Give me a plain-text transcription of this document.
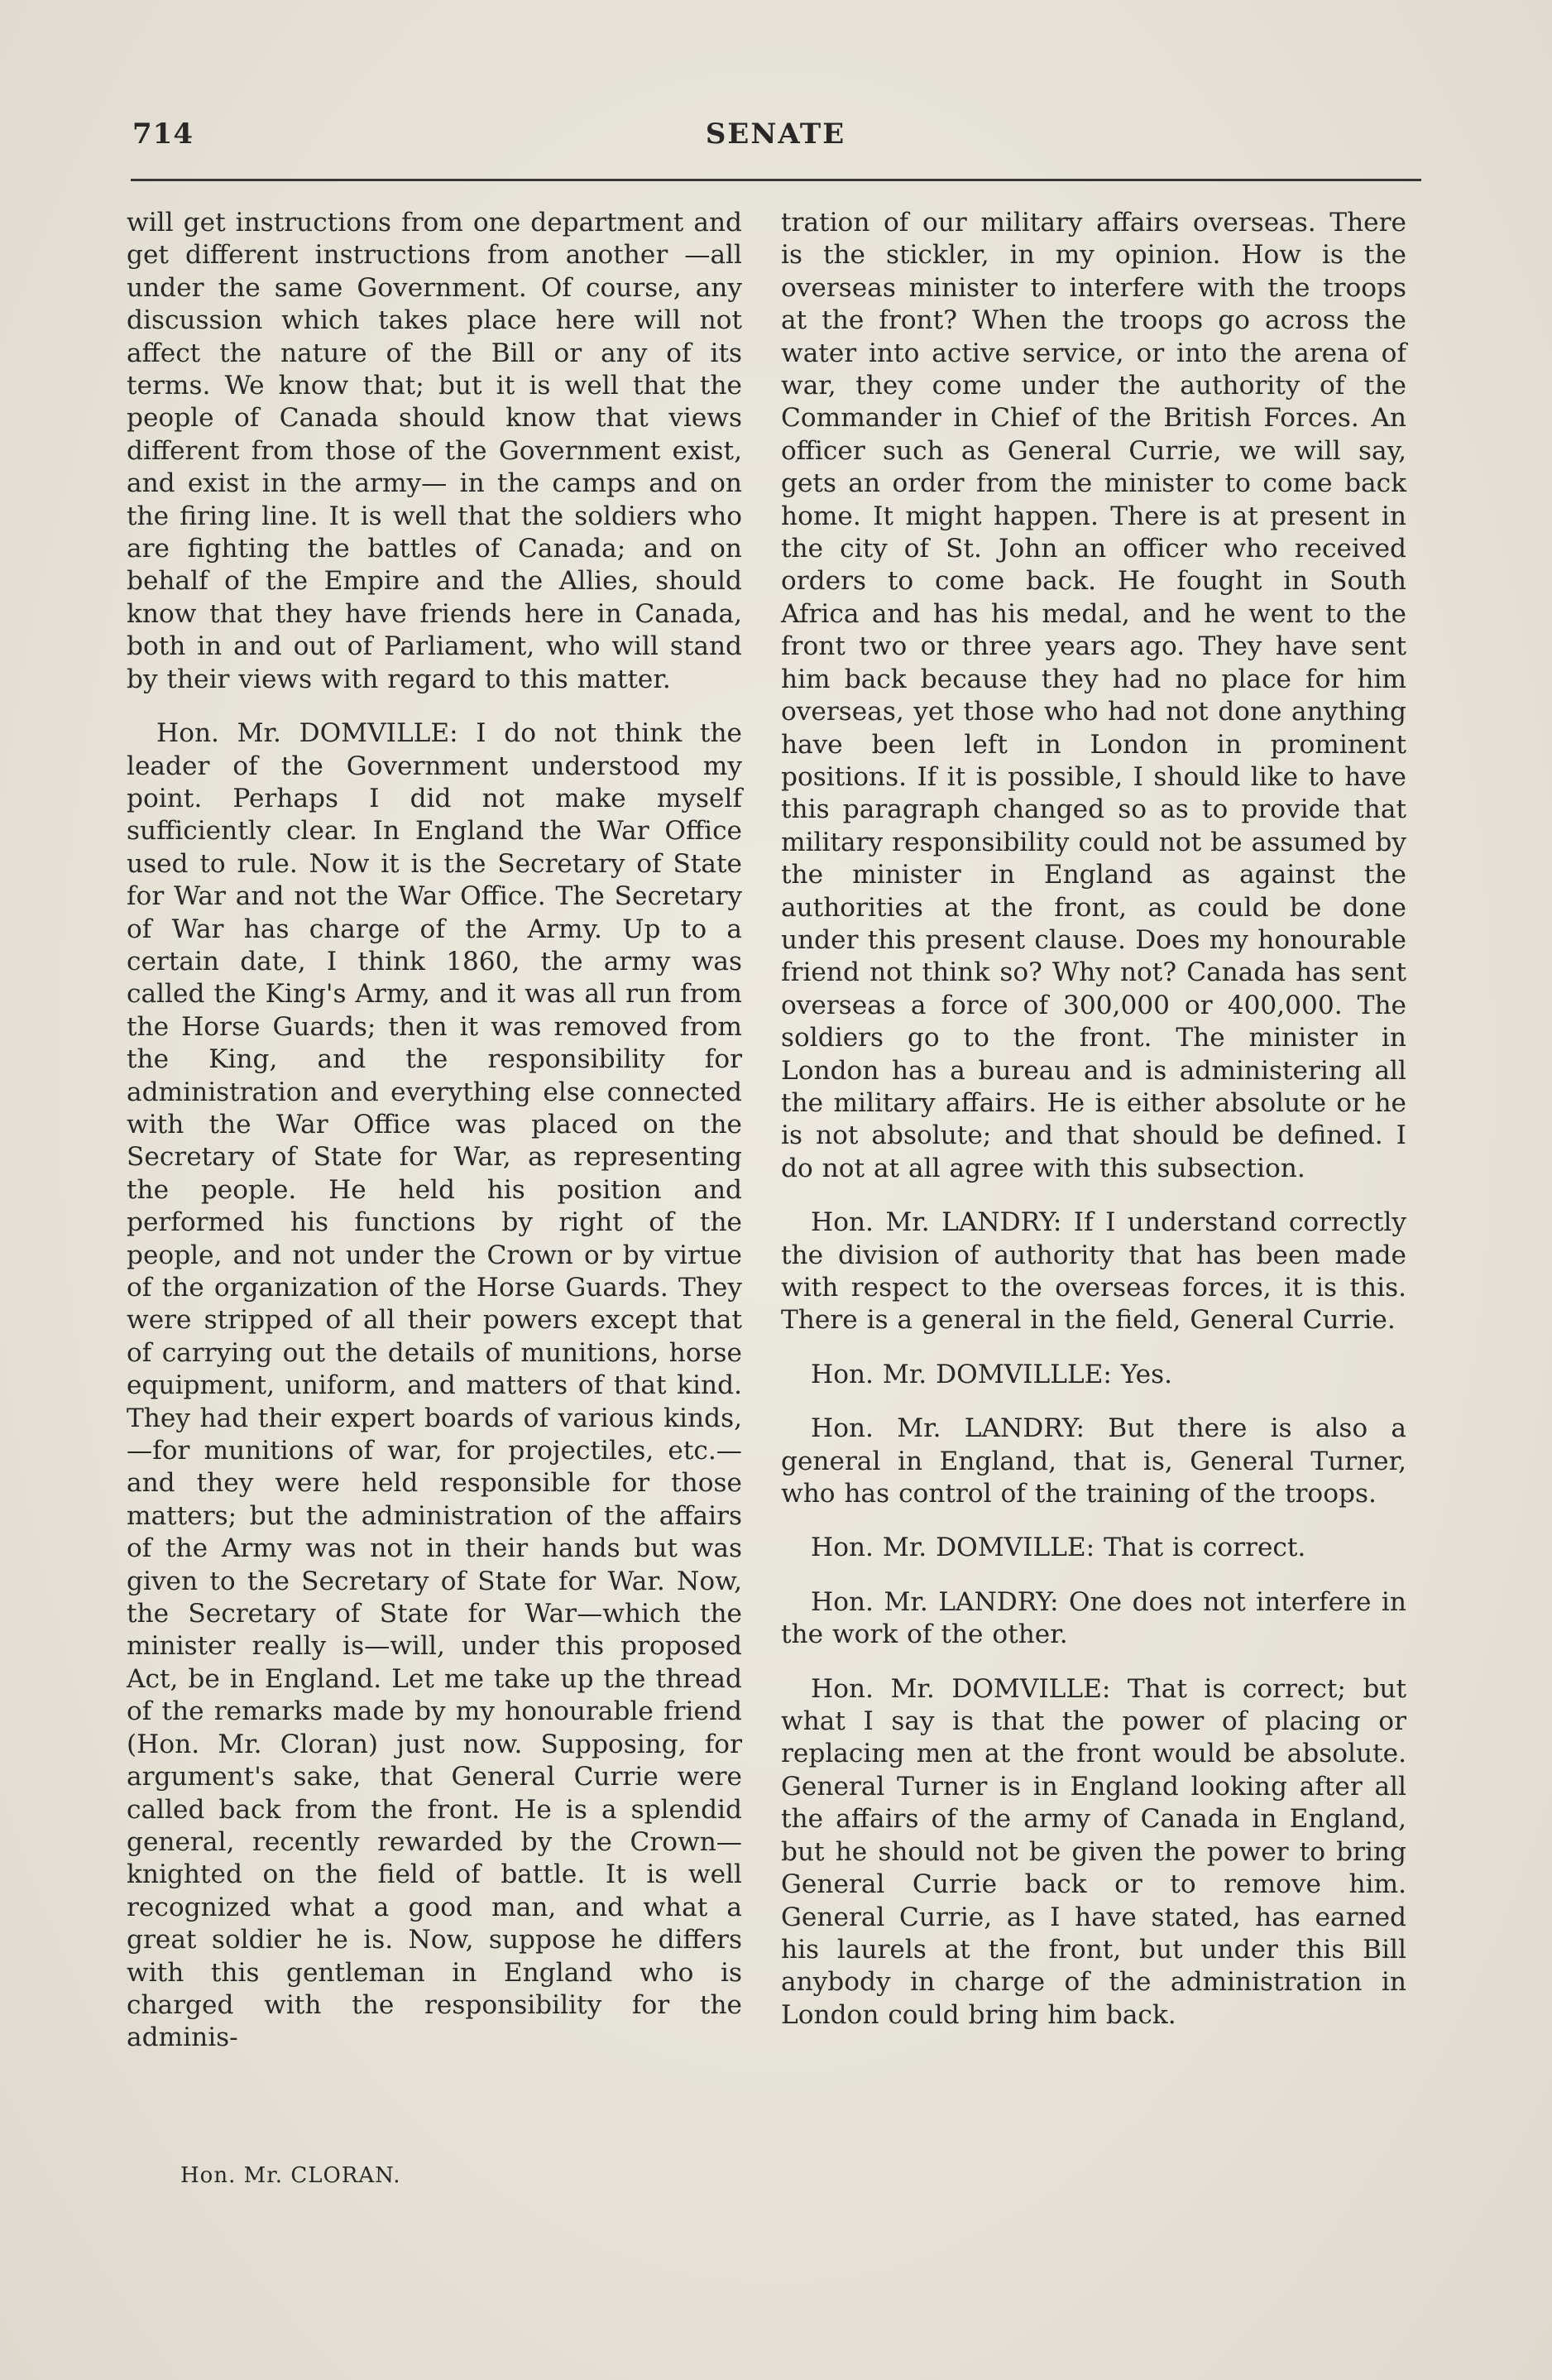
714	SENATE

will get instructions from one department and get different instructions from another —all under the same Government. Of course, any discussion which takes place here will not affect the nature of the Bill or any of its terms. We know that; but it is well that the people of Canada should know that views different from those of the Government exist, and exist in the army— in the camps and on the firing line. It is well that the soldiers who are fighting the battles of Canada; and on behalf of the Empire and the Allies, should know that they have friends here in Canada, both in and out of Parliament, who will stand by their views with regard to this matter.

Hon. Mr. DOMVILLE: I do not think the leader of the Government understood my point. Perhaps I did not make myself sufficiently clear. In England the War Office used to rule. Now it is the Secretary of State for War and not the War Office. The Secretary of War has charge of the Army. Up to a certain date, I think 1860, the army was called the King's Army, and it was all run from the Horse Guards; then it was removed from the King, and the responsibility for administration and everything else connected with the War Office was placed on the Secretary of State for War, as representing the people. He held his position and performed his functions by right of the people, and not under the Crown or by virtue of the organization of the Horse Guards. They were stripped of all their powers except that of carrying out the details of munitions, horse equipment, uniform, and matters of that kind. They had their expert boards of various kinds,—for munitions of war, for projectiles, etc.—and they were held responsible for those matters; but the administration of the affairs of the Army was not in their hands but was given to the Secretary of State for War. Now, the Secretary of State for War—which the minister really is—will, under this proposed Act, be in England. Let me take up the thread of the remarks made by my honourable friend (Hon. Mr. Cloran) just now. Supposing, for argument's sake, that General Currie were called back from the front. He is a splendid general, recently rewarded by the Crown—knighted on the field of battle. It is well recognized what a good man, and what a great soldier he is. Now, suppose he differs with this gentleman in England who is charged with the responsibility for the adminis-

tration of our military affairs overseas. There is the stickler, in my opinion. How is the overseas minister to interfere with the troops at the front? When the troops go across the water into active service, or into the arena of war, they come under the authority of the Commander in Chief of the British Forces. An officer such as General Currie, we will say, gets an order from the minister to come back home. It might happen. There is at present in the city of St. John an officer who received orders to come back. He fought in South Africa and has his medal, and he went to the front two or three years ago. They have sent him back because they had no place for him overseas, yet those who had not done anything have been left in London in prominent positions. If it is possible, I should like to have this paragraph changed so as to provide that military responsibility could not be assumed by the minister in England as against the authorities at the front, as could be done under this present clause. Does my honourable friend not think so? Why not? Canada has sent overseas a force of 300,000 or 400,000. The soldiers go to the front. The minister in London has a bureau and is administering all the military affairs. He is either absolute or he is not absolute; and that should be defined. I do not at all agree with this subsection.

Hon. Mr. LANDRY: If I understand correctly the division of authority that has been made with respect to the overseas forces, it is this. There is a general in the field, General Currie.

Hon. Mr. DOMVILLLE: Yes.

Hon. Mr. LANDRY: But there is also a general in England, that is, General Turner, who has control of the training of the troops.

Hon. Mr. DOMVILLE: That is correct.

Hon. Mr. LANDRY: One does not interfere in the work of the other.

Hon. Mr. DOMVILLE: That is correct; but what I say is that the power of placing or replacing men at the front would be absolute. General Turner is in England looking after all the affairs of the army of Canada in England, but he should not be given the power to bring General Currie back or to remove him. General Currie, as I have stated, has earned his laurels at the front, but under this Bill anybody in charge of the administration in London could bring him back.

Hon. Mr. CLORAN.
